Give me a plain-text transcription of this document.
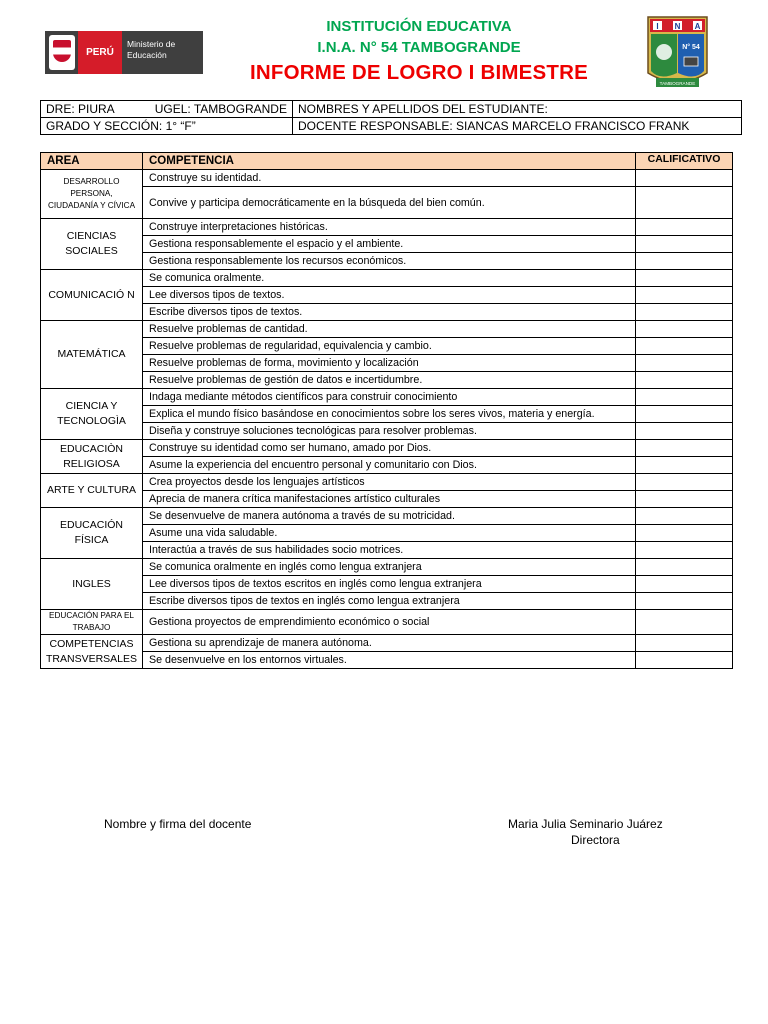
PERÚ
Ministerio de Educación
INSTITUCIÓN EDUCATIVA
I.N.A. N° 54 TAMBOGRANDE
INFORME DE LOGRO I BIMESTRE
I N A
N° 54
TAMBOGRANDE
DRE: PIURA UGEL: TAMBOGRANDE	NOMBRES Y APELLIDOS DEL ESTUDIANTE:
GRADO Y SECCIÓN: 1° “F”	DOCENTE RESPONSABLE: SIANCAS MARCELO FRANCISCO FRANK
AREA	COMPETENCIA	CALIFICATIVO
DESARROLLO PERSONA, CIUDADANÍA Y CÍVICA	Construye su identidad.	
	Convive y participa democráticamente en la búsqueda del bien común.	
CIENCIAS SOCIALES	Construye interpretaciones históricas.	
	Gestiona responsablemente el espacio y el ambiente.	
	Gestiona responsablemente los recursos económicos.	
COMUNICACIÓ N	Se comunica oralmente.	
	Lee diversos tipos de textos.	
	Escribe diversos tipos de textos.	
MATEMÁTICA	Resuelve problemas de cantidad.	
	Resuelve problemas de regularidad, equivalencia y cambio.	
	Resuelve problemas de forma, movimiento y localización	
	Resuelve problemas de gestión de datos e incertidumbre.	
CIENCIA Y TECNOLOGÌA	Indaga mediante métodos científicos para construir conocimiento	
	Explica el mundo físico basándose en conocimientos sobre los seres vivos, materia y energía.	
	Diseña y construye soluciones tecnológicas para resolver problemas.	
EDUCACIÒN RELIGIOSA	Construye su identidad como ser humano, amado por Dios.	
	Asume la experiencia del encuentro personal y comunitario con Dios.	
ARTE Y CULTURA	Crea proyectos desde los lenguajes artísticos	
	Aprecia de manera crítica manifestaciones artístico culturales	
EDUCACIÓN FÍSICA	Se desenvuelve de manera autónoma a través de su motricidad.	
	Asume una vida saludable.	
	Interactúa a través de sus habilidades socio motrices.	
INGLES	Se comunica oralmente en inglés como lengua extranjera	
	Lee diversos tipos de textos escritos en inglés como lengua extranjera	
	Escribe diversos tipos de textos en inglés como lengua extranjera	
EDUCACIÓN PARA EL TRABAJO	Gestiona proyectos de emprendimiento económico o social	
COMPETENCIAS TRANSVERSALES	Gestiona su aprendizaje de manera autónoma.	
	Se desenvuelve en los entornos virtuales.	
Nombre y firma del docente	Maria Julia Seminario Juárez
Directora
